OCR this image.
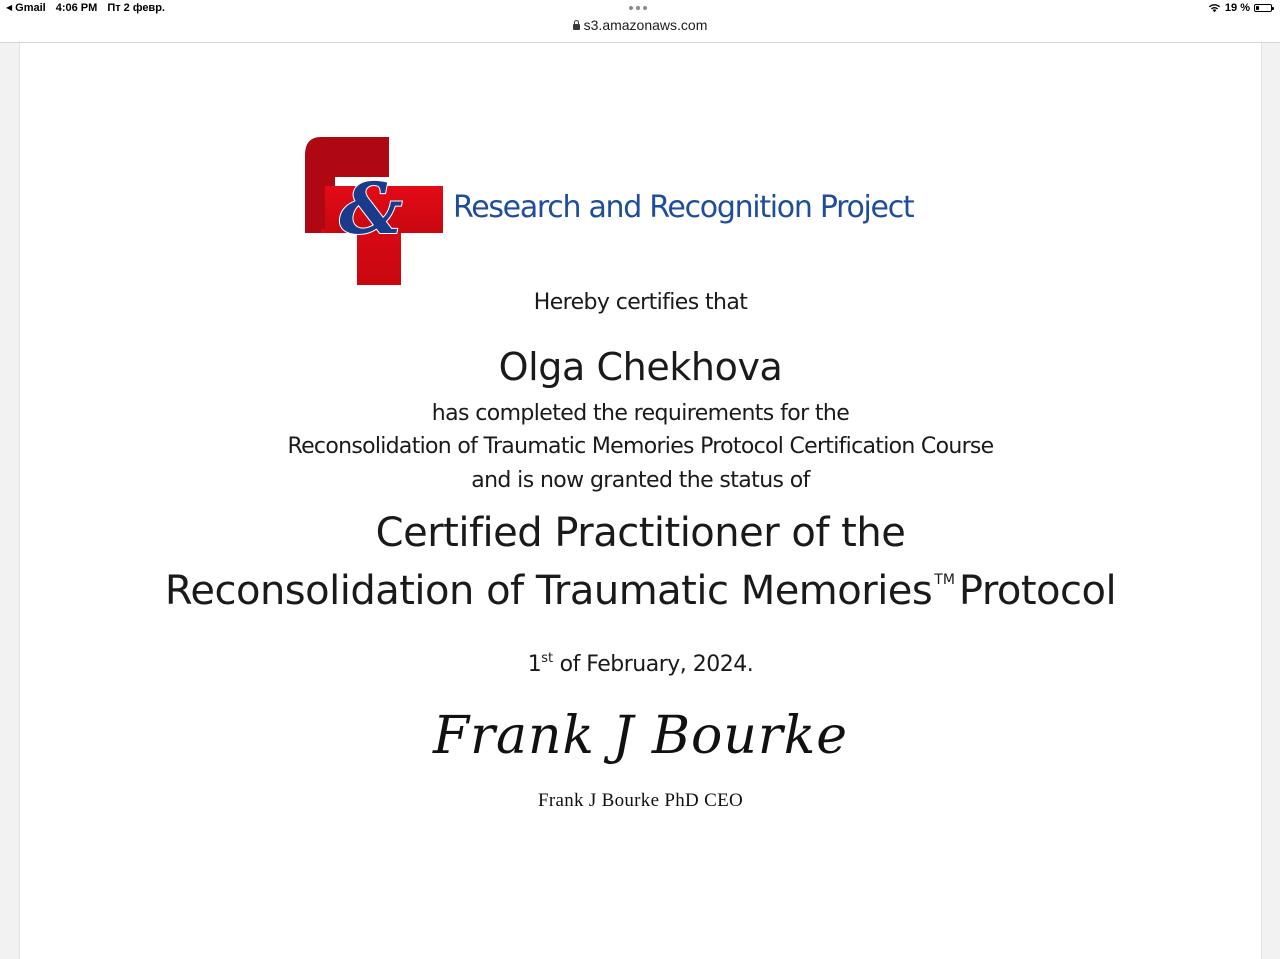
◀ Gmail 4:06 PM Пт 2 февр.	19 %
s3.amazonaws.com
& Research and Recognition Project
Hereby certifies that
Olga Chekhova
has completed the requirements for the
Reconsolidation of Traumatic Memories Protocol Certification Course
and is now granted the status of
Certified Practitioner of the
Reconsolidation of Traumatic Memories ™ Protocol
1st of February, 2024.
Frank J Bourke
Frank J Bourke PhD CEO
